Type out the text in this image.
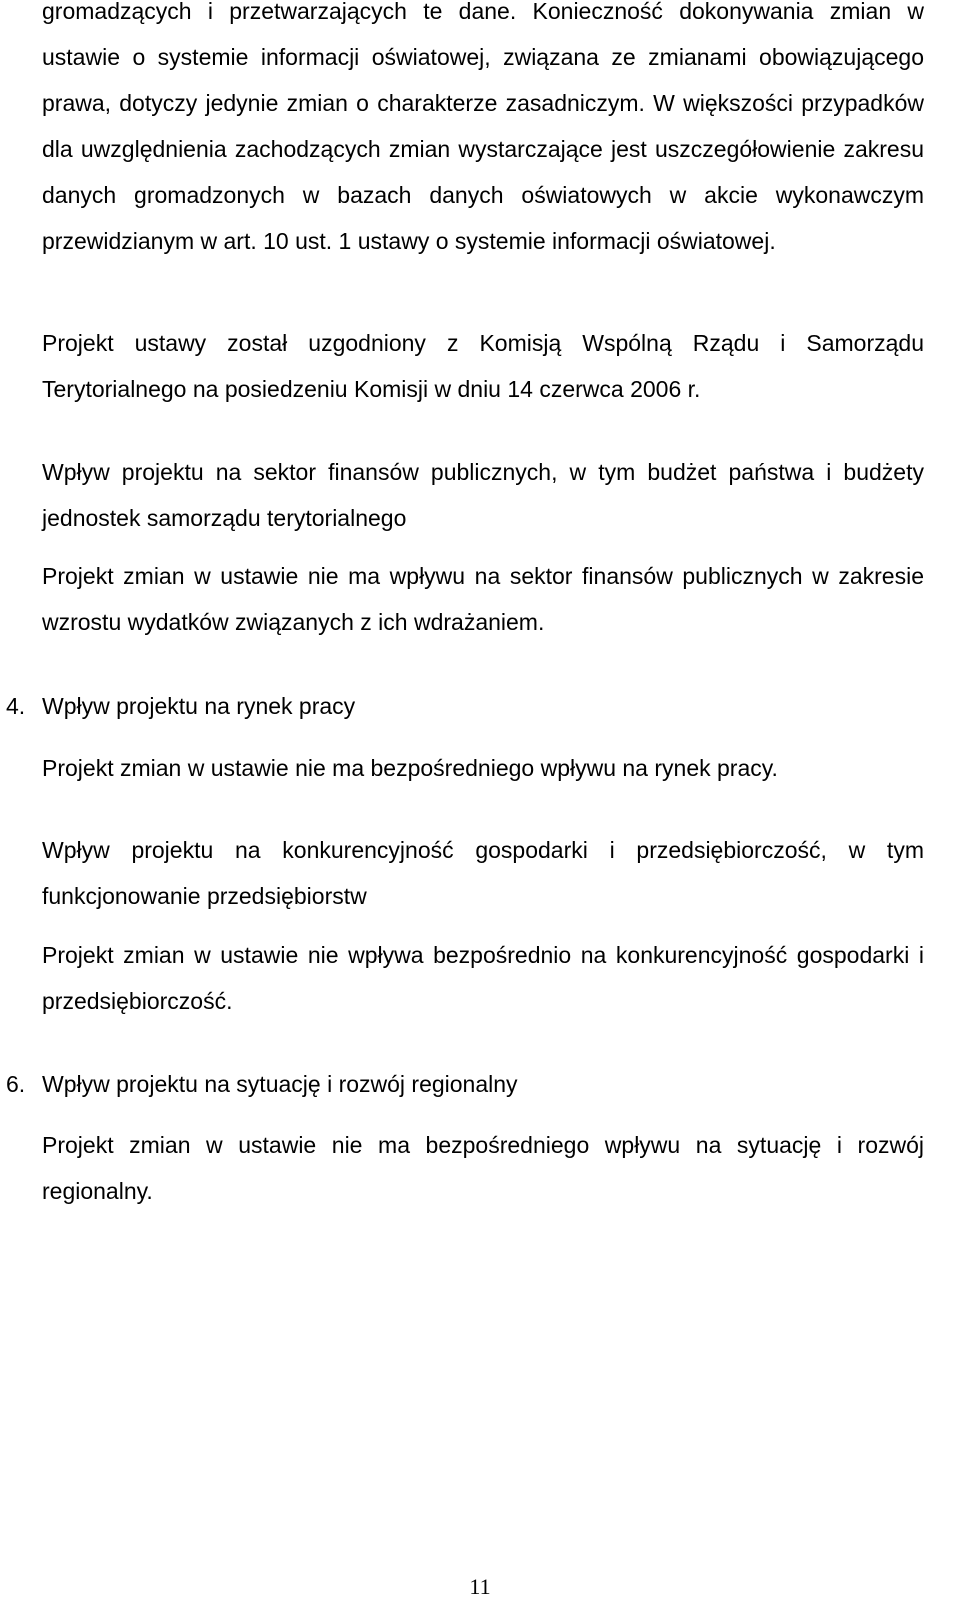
gromadzących i przetwarzających te dane. Konieczność dokonywania zmian w ustawie o systemie informacji oświatowej, związana ze zmianami obowiązującego prawa, dotyczy jedynie zmian o charakterze zasadniczym. W większości przypadków dla uwzględnienia zachodzących zmian wystarczające jest uszczegółowienie zakresu danych gromadzonych w bazach danych oświatowych w akcie wykonawczym przewidzianym w art. 10 ust. 1 ustawy o systemie informacji oświatowej.

Projekt ustawy został uzgodniony z Komisją Wspólną Rządu i Samorządu Terytorialnego na posiedzeniu Komisji w dniu 14 czerwca 2006 r.

Wpływ projektu na sektor finansów publicznych, w tym budżet państwa i budżety jednostek samorządu terytorialnego

Projekt zmian w ustawie nie ma wpływu na sektor finansów publicznych w zakresie wzrostu wydatków związanych z ich wdrażaniem.

4. Wpływ projektu na rynek pracy

Projekt zmian w ustawie nie ma bezpośredniego wpływu na rynek pracy.

Wpływ projektu na konkurencyjność gospodarki i przedsiębiorczość, w tym funkcjonowanie przedsiębiorstw

Projekt zmian w ustawie nie wpływa bezpośrednio na konkurencyjność gospodarki i przedsiębiorczość.

6. Wpływ projektu na sytuację i rozwój regionalny

Projekt zmian w ustawie nie ma bezpośredniego wpływu na sytuację i rozwój regionalny.

11
